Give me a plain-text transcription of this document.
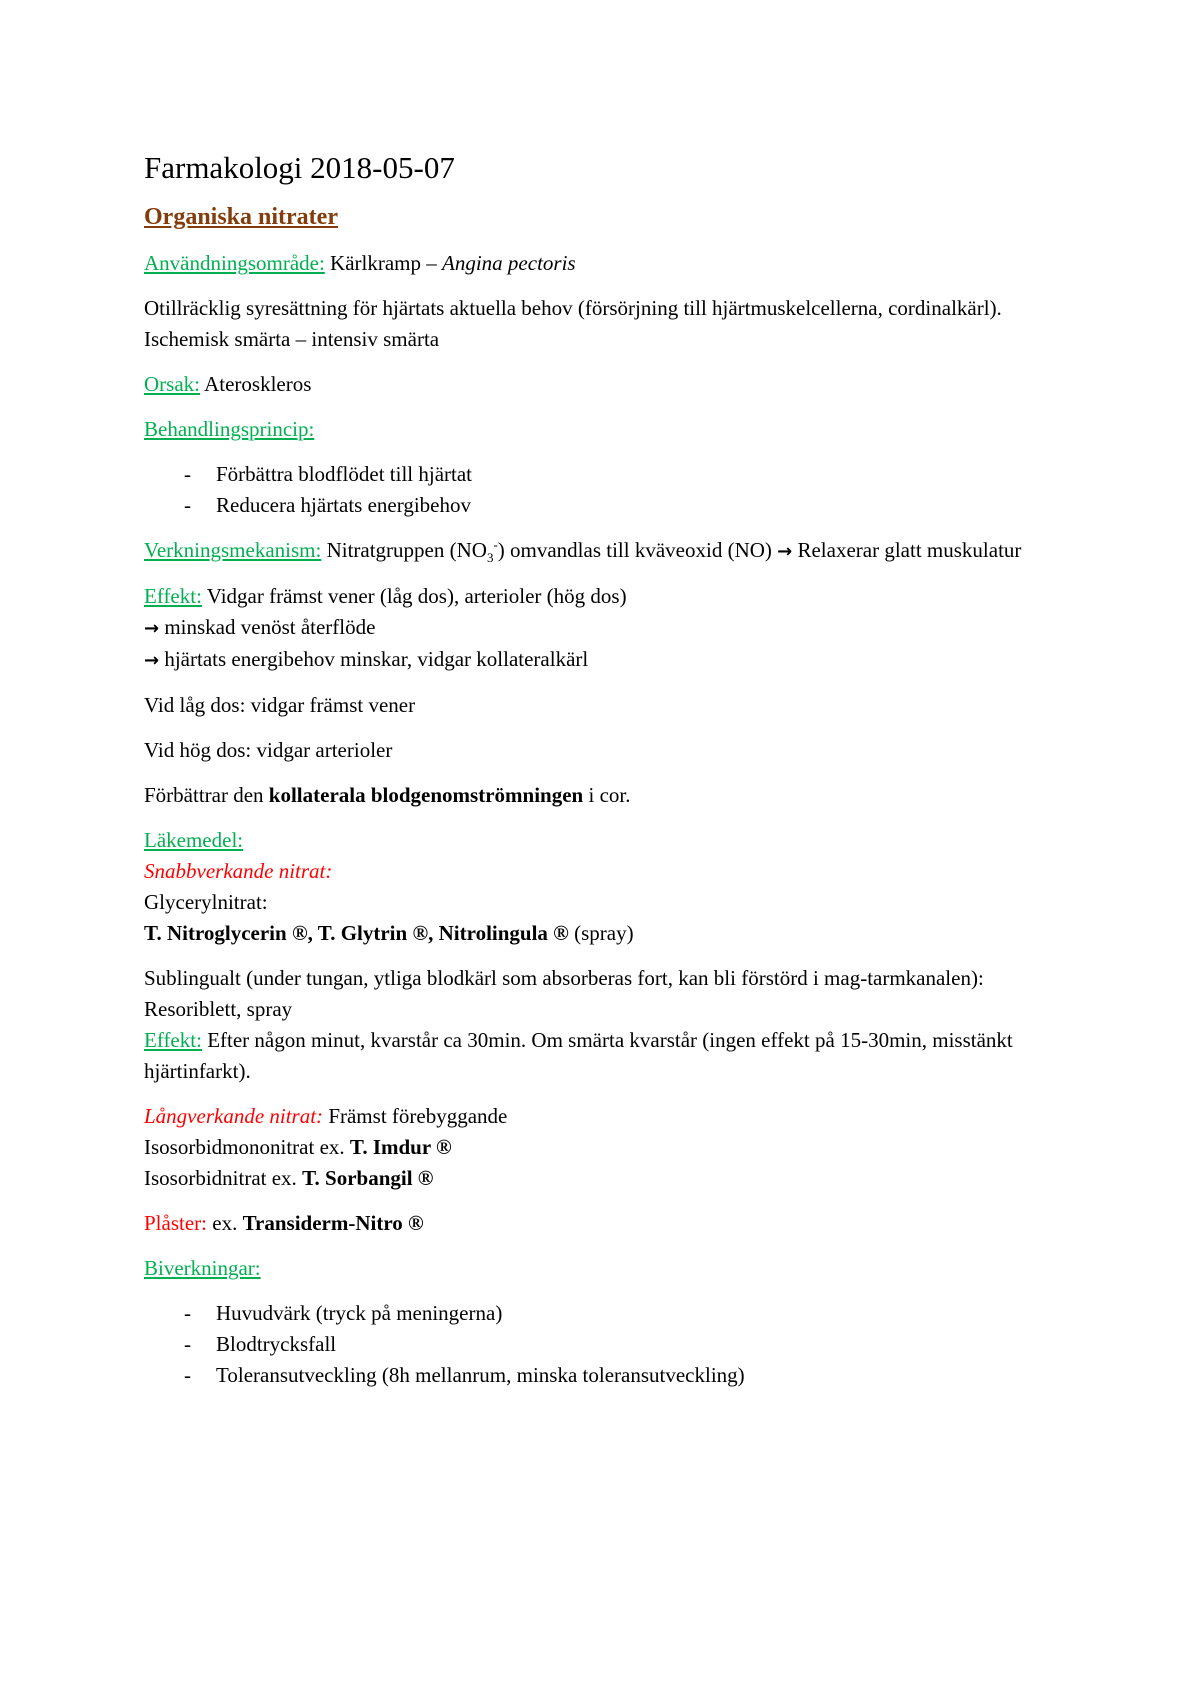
Farmakologi 2018-05-07
Organiska nitrater

Användningsområde: Kärlkramp – Angina pectoris

Otillräcklig syresättning för hjärtats aktuella behov (försörjning till hjärtmuskelcellerna, cordinalkärl). Ischemisk smärta – intensiv smärta

Orsak: Ateroskleros

Behandlingsprincip:

- Förbättra blodflödet till hjärtat
- Reducera hjärtats energibehov

Verkningsmekanism: Nitratgruppen $(NO_3^-)$ omvandlas till kväveoxid (NO) → Relaxerar glatt muskulatur

Effekt: Vidgar främst vener (låg dos), arterioler (hög dos)
→ minskad venöst återflöde
→ hjärtats energibehov minskar, vidgar kollateralkärl

Vid låg dos: vidgar främst vener

Vid hög dos: vidgar arterioler

Förbättrar den kollaterala blodgenomströmningen i cor.

Läkemedel:
Snabbverkande nitrat:
Glycerylnitrat:
T. Nitroglycerin ®, T. Glytrin ®, Nitrolingula ® (spray)

Sublingualt (under tungan, ytliga blodkärl som absorberas fort, kan bli förstörd i mag-tarmkanalen): Resoriblett, spray
Effekt: Efter någon minut, kvarstår ca 30min. Om smärta kvarstår (ingen effekt på 15-30min, misstänkt hjärtinfarkt).

Långverkande nitrat: Främst förebyggande
Isosorbidmononitrat ex. T. Imdur ®
Isosorbidnitrat ex. T. Sorbangil ®

Plåster: ex. Transiderm-Nitro ®

Biverkningar:

- Huvudvärk (tryck på meningerna)
- Blodtrycksfall
- Toleransutveckling (8h mellanrum, minska toleransutveckling)
